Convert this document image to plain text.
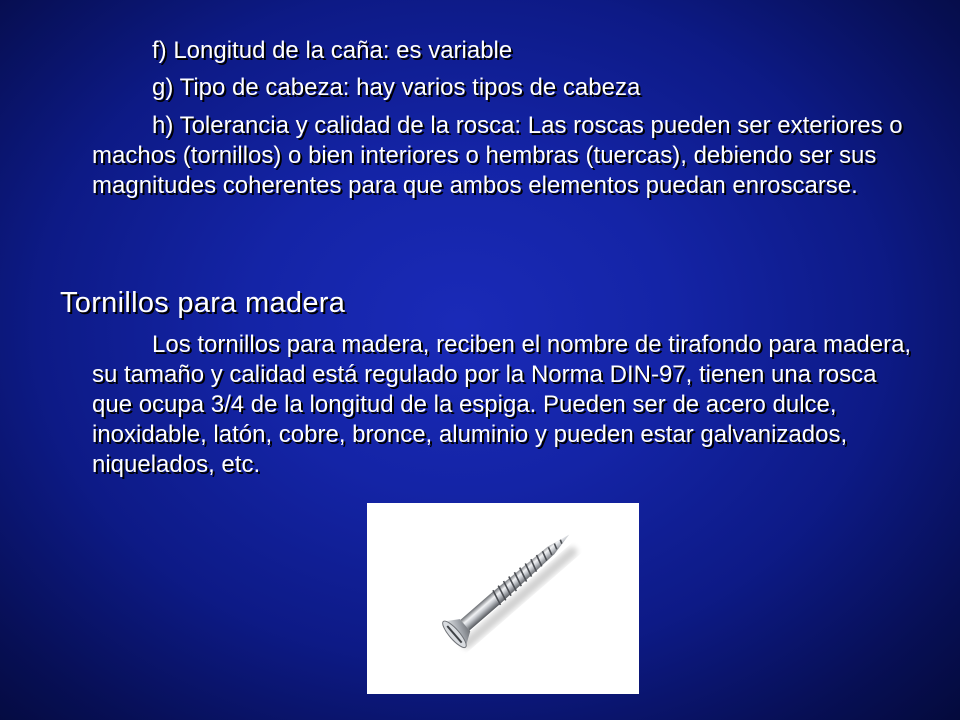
f) Longitud de la caña: es variable

g) Tipo de cabeza: hay varios tipos de cabeza

h) Tolerancia y calidad de la rosca: Las roscas pueden ser exteriores o machos (tornillos) o bien interiores o hembras (tuercas), debiendo ser sus magnitudes coherentes para que ambos elementos puedan enroscarse.

Tornillos para madera

Los tornillos para madera, reciben el nombre de tirafondo para madera, su tamaño y calidad está regulado por la Norma DIN-97, tienen una rosca que ocupa 3/4 de la longitud de la espiga. Pueden ser de acero dulce, inoxidable, latón, cobre, bronce, aluminio y pueden estar galvanizados, niquelados, etc.
